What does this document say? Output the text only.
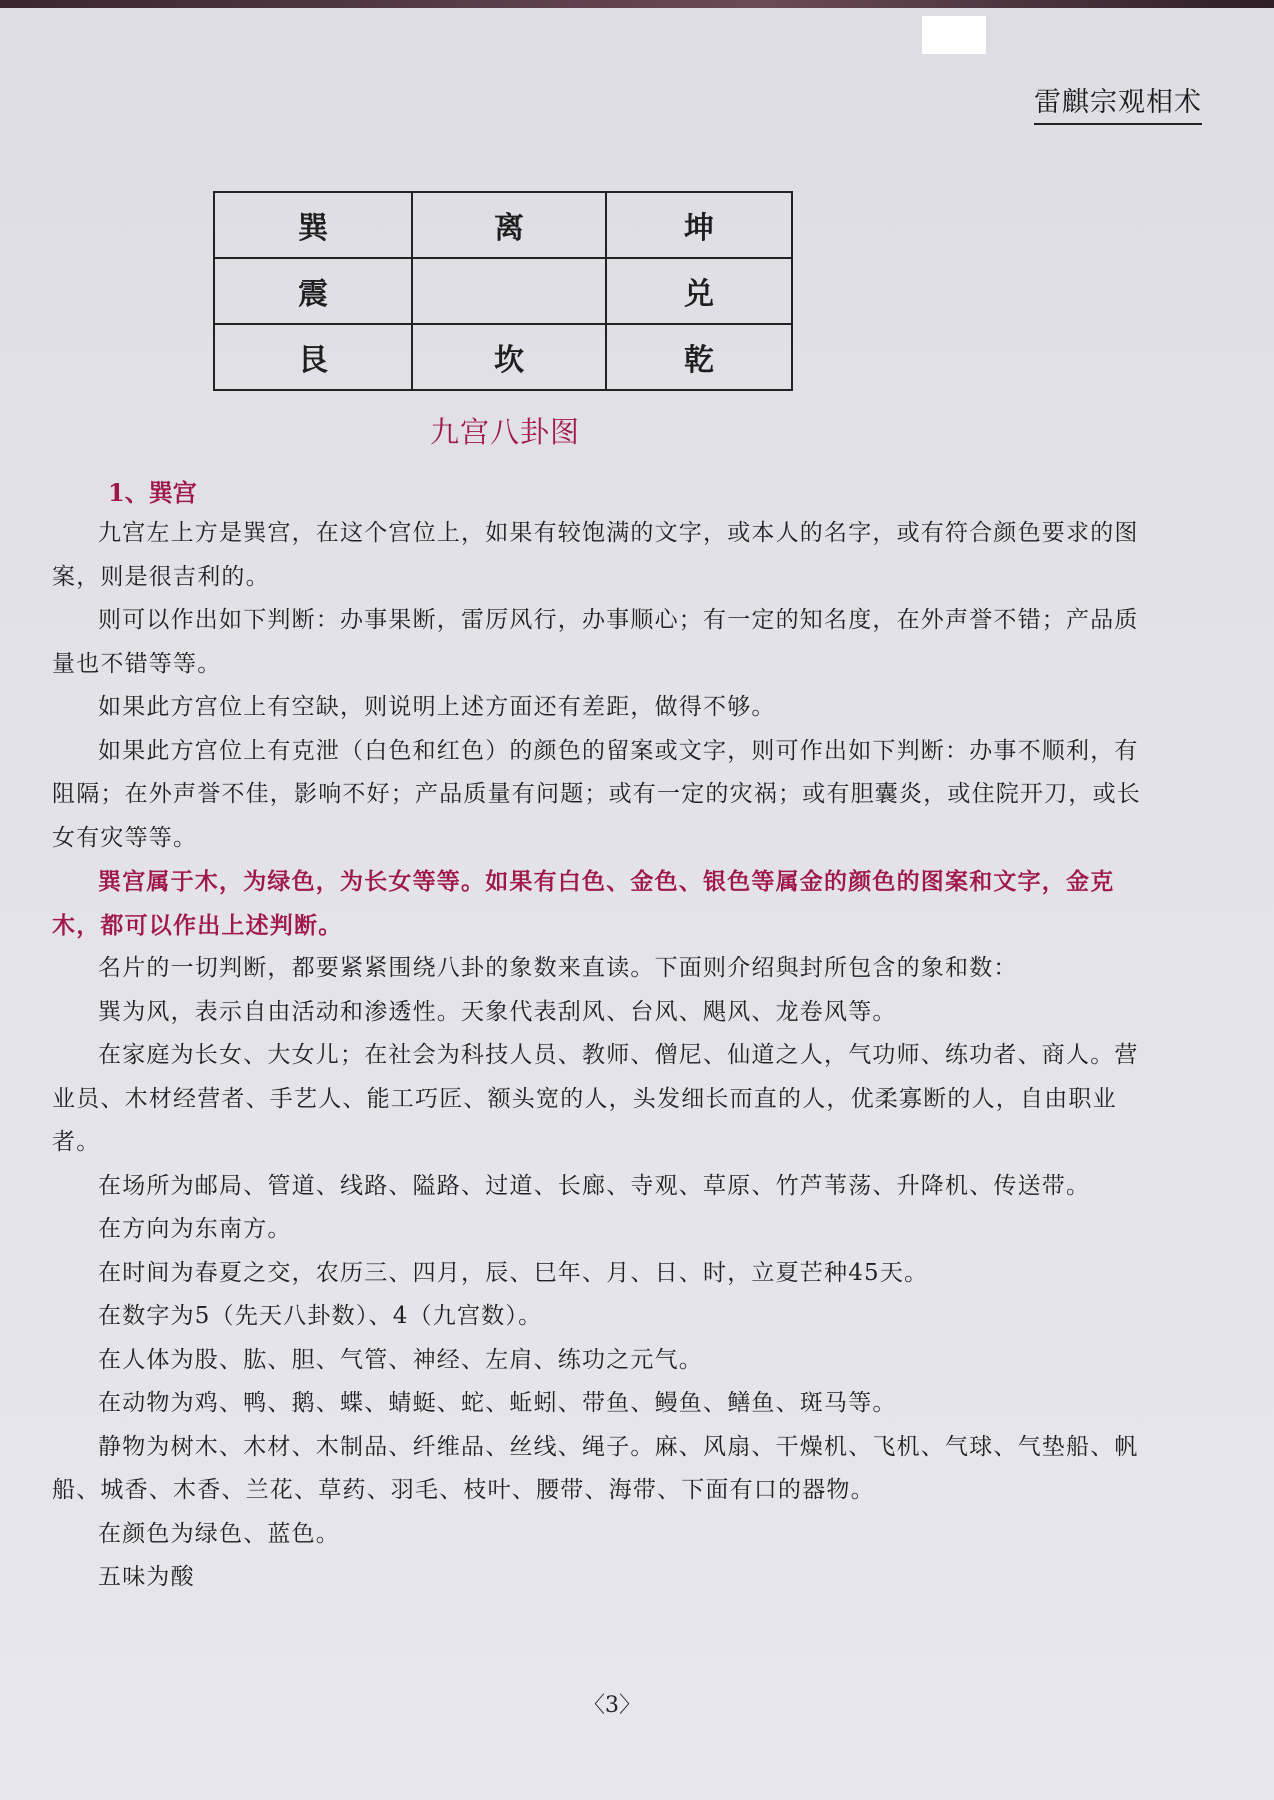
雷麒宗观相术
巽	离	坤
震		兑
艮	坎	乾
九宫八卦图
1、巽宫

九宫左上方是巽宫，在这个宫位上，如果有较饱满的文字，或本人的名字，或有符合颜色要求的图案，则是很吉利的。

则可以作出如下判断：办事果断，雷厉风行，办事顺心；有一定的知名度，在外声誉不错；产品质量也不错等等。

如果此方宫位上有空缺，则说明上述方面还有差距，做得不够。

如果此方宫位上有克泄（白色和红色）的颜色的留案或文字，则可作出如下判断：办事不顺利，有阻隔；在外声誉不佳，影响不好；产品质量有问题；或有一定的灾祸；或有胆囊炎，或住院开刀，或长女有灾等等。

巽宫属于木，为绿色，为长女等等。如果有白色、金色、银色等属金的颜色的图案和文字，金克木，都可以作出上述判断。

名片的一切判断，都要紧紧围绕八卦的象数来直读。下面则介绍與封所包含的象和数：

巽为风，表示自由活动和渗透性。天象代表刮风、台风、飓风、龙卷风等。

在家庭为长女、大女儿；在社会为科技人员、教师、僧尼、仙道之人，气功师、练功者、商人。营业员、木材经营者、手艺人、能工巧匠、额头宽的人，头发细长而直的人，优柔寡断的人，自由职业者。

在场所为邮局、管道、线路、隘路、过道、长廊、寺观、草原、竹芦苇荡、升降机、传送带。

在方向为东南方。

在时间为春夏之交，农历三、四月，辰、巳年、月、日、时，立夏芒种45天。

在数字为5（先天八卦数）、4（九宫数）。

在人体为股、肱、胆、气管、神经、左肩、练功之元气。

在动物为鸡、鸭、鹅、蝶、蜻蜓、蛇、蚯蚓、带鱼、鳗鱼、鳝鱼、斑马等。

静物为树木、木材、木制品、纤维品、丝线、绳子。麻、风扇、干燥机、飞机、气球、气垫船、帆船、城香、木香、兰花、草药、羽毛、枝叶、腰带、海带、下面有口的器物。

在颜色为绿色、蓝色。

五味为酸

〈3〉
